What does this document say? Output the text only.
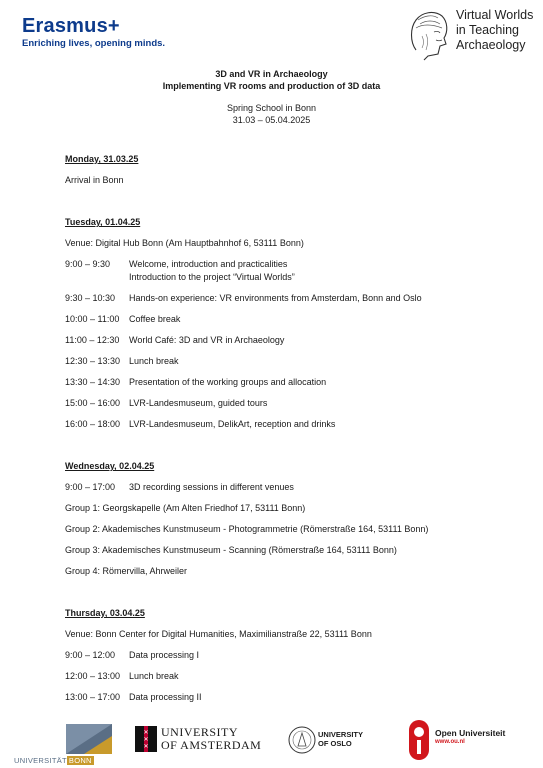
Erasmus+
Enriching lives, opening minds.
Virtual Worlds
in Teaching
Archaeology
3D and VR in Archaeology
Implementing VR rooms and production of 3D data
Spring School in Bonn
31.03 – 05.04.2025
Monday, 31.03.25
Arrival in Bonn
Tuesday, 01.04.25
Venue: Digital Hub Bonn (Am Hauptbahnhof 6, 53111 Bonn)
9:00 – 9:30	Welcome, introduction and practicalities
Introduction to the project “Virtual Worlds”
9:30 – 10:30	Hands-on experience: VR environments from Amsterdam, Bonn and Oslo
10:00 – 11:00	Coffee break
11:00 – 12:30	World Café: 3D and VR in Archaeology
12:30 – 13:30 Lunch break
13:30 – 14:30 Presentation of the working groups and allocation
15:00 – 16:00 LVR-Landesmuseum, guided tours
16:00 – 18:00 LVR-Landesmuseum, DelikArt, reception and drinks
Wednesday, 02.04.25
9:00 – 17:00	3D recording sessions in different venues
Group 1: Georgskapelle (Am Alten Friedhof 17, 53111 Bonn)
Group 2: Akademisches Kunstmuseum - Photogrammetrie (Römerstraße 164, 53111 Bonn)
Group 3: Akademisches Kunstmuseum - Scanning (Römerstraße 164, 53111 Bonn)
Group 4: Römervilla, Ahrweiler
Thursday, 03.04.25
Venue: Bonn Center for Digital Humanities, Maximilianstraße 22, 53111 Bonn
9:00 – 12:00	Data processing I
12:00 – 13:00 Lunch break
13:00 – 17:00 Data processing II
UNIVERSITÄT BONN
✕
✕
✕
UNIVERSITY
OF AMSTERDAM
UNIVERSITY
OF OSLO
Open Universiteit
www.ou.nl
